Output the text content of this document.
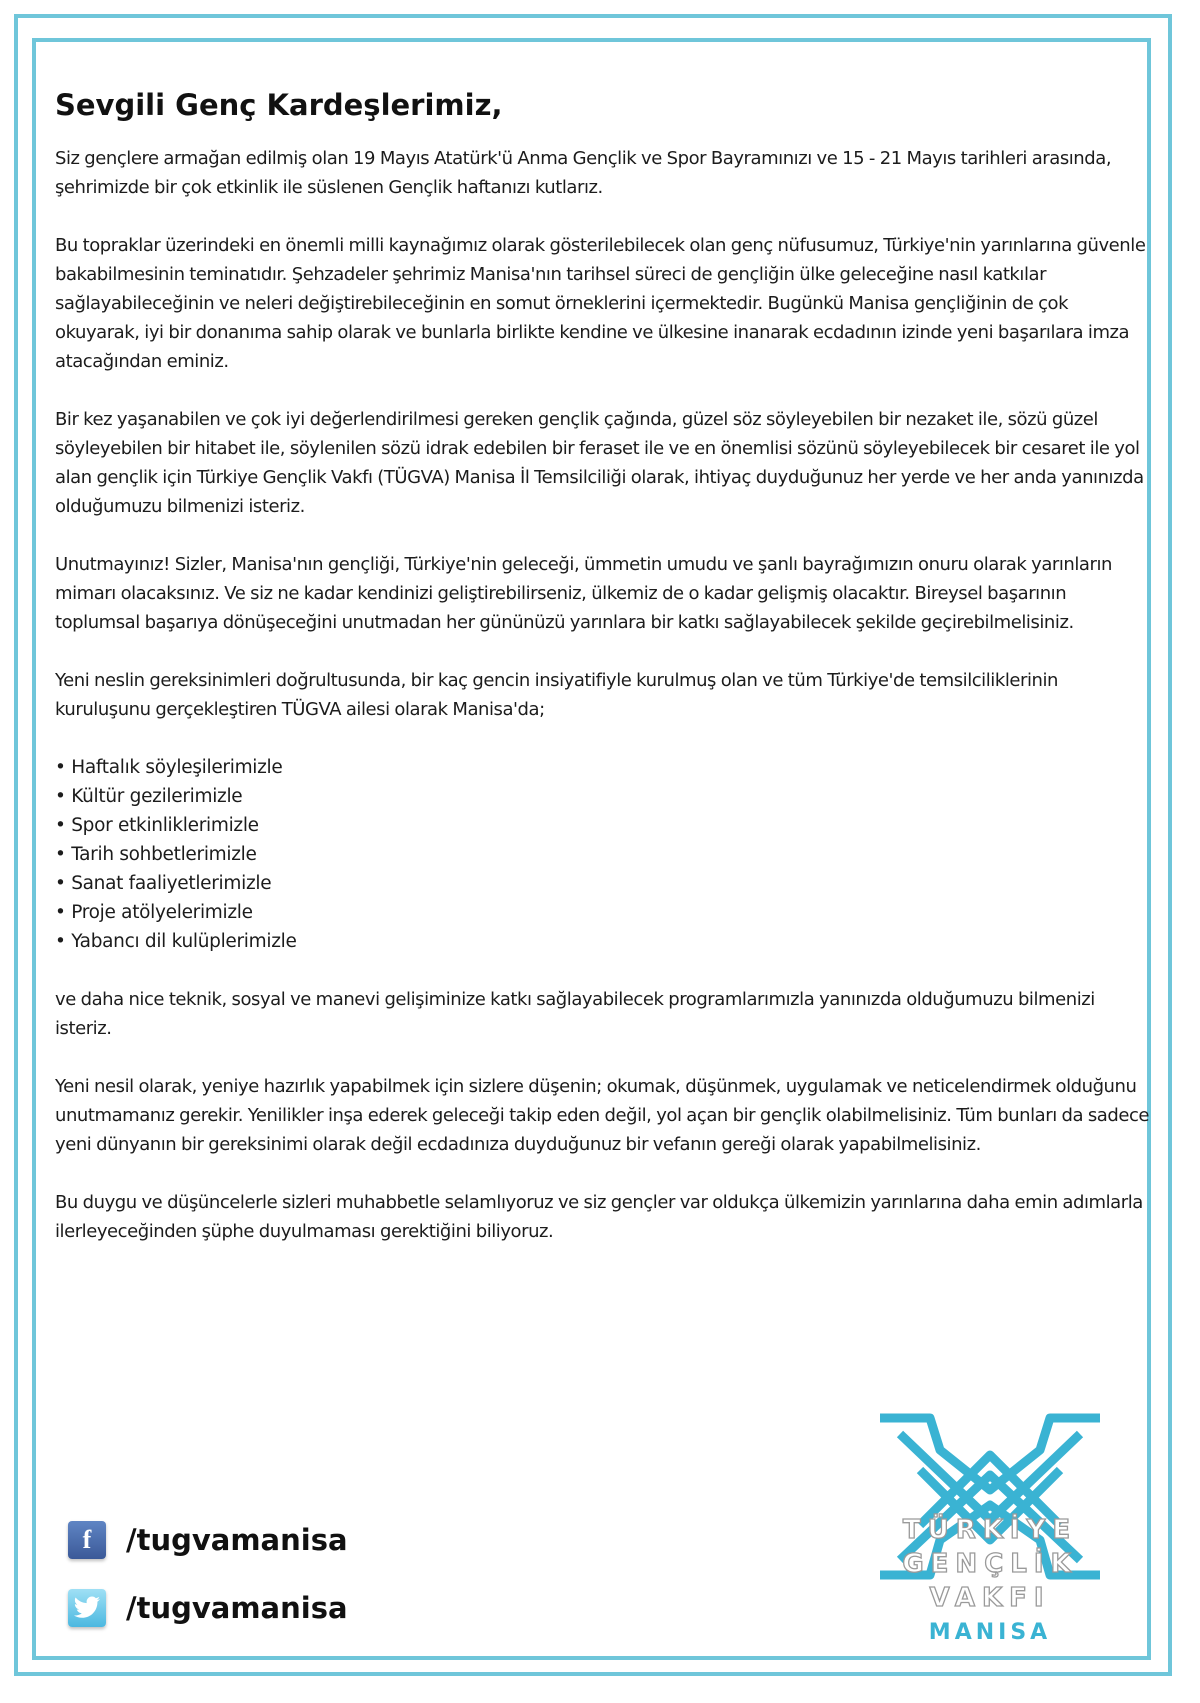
Sevgili Genç Kardeşlerimiz,

Siz gençlere armağan edilmiş olan 19 Mayıs Atatürk'ü Anma Gençlik ve Spor Bayramınızı ve 15 - 21 Mayıs tarihleri arasında, şehrimizde bir çok etkinlik ile süslenen Gençlik haftanızı kutlarız.

Bu topraklar üzerindeki en önemli milli kaynağımız olarak gösterilebilecek olan genç nüfusumuz, Türkiye'nin yarınlarına güvenle bakabilmesinin teminatıdır. Şehzadeler şehrimiz Manisa'nın tarihsel süreci de gençliğin ülke geleceğine nasıl katkılar sağlayabileceğinin ve neleri değiştirebileceğinin en somut örneklerini içermektedir. Bugünkü Manisa gençliğinin de çok okuyarak, iyi bir donanıma sahip olarak ve bunlarla birlikte kendine ve ülkesine inanarak ecdadının izinde yeni başarılara imza atacağından eminiz.

Bir kez yaşanabilen ve çok iyi değerlendirilmesi gereken gençlik çağında, güzel söz söyleyebilen bir nezaket ile, sözü güzel söyleyebilen bir hitabet ile, söylenilen sözü idrak edebilen bir feraset ile ve en önemlisi sözünü söyleyebilecek bir cesaret ile yol alan gençlik için Türkiye Gençlik Vakfı (TÜGVA) Manisa İl Temsilciliği olarak, ihtiyaç duyduğunuz her yerde ve her anda yanınızda olduğumuzu bilmenizi isteriz.

Unutmayınız! Sizler, Manisa'nın gençliği, Türkiye'nin geleceği, ümmetin umudu ve şanlı bayrağımızın onuru olarak yarınların mimarı olacaksınız. Ve siz ne kadar kendinizi geliştirebilirseniz, ülkemiz de o kadar gelişmiş olacaktır. Bireysel başarının toplumsal başarıya dönüşeceğini unutmadan her gününüzü yarınlara bir katkı sağlayabilecek şekilde geçirebilmelisiniz.

Yeni neslin gereksinimleri doğrultusunda, bir kaç gencin insiyatifiyle kurulmuş olan ve tüm Türkiye'de temsilciliklerinin kuruluşunu gerçekleştiren TÜGVA ailesi olarak Manisa'da;

• Haftalık söyleşilerimizle
• Kültür gezilerimizle
• Spor etkinliklerimizle
• Tarih sohbetlerimizle
• Sanat faaliyetlerimizle
• Proje atölyelerimizle
• Yabancı dil kulüplerimizle

ve daha nice teknik, sosyal ve manevi gelişiminize katkı sağlayabilecek programlarımızla yanınızda olduğumuzu bilmenizi isteriz.

Yeni nesil olarak, yeniye hazırlık yapabilmek için sizlere düşenin; okumak, düşünmek, uygulamak ve neticelendirmek olduğunu unutmamanız gerekir. Yenilikler inşa ederek geleceği takip eden değil, yol açan bir gençlik olabilmelisiniz. Tüm bunları da sadece yeni dünyanın bir gereksinimi olarak değil ecdadınıza duyduğunuz bir vefanın gereği olarak yapabilmelisiniz.

Bu duygu ve düşüncelerle sizleri muhabbetle selamlıyoruz ve siz gençler var oldukça ülkemizin yarınlarına daha emin adımlarla ilerleyeceğinden şüphe duyulmaması gerektiğini biliyoruz.

f /tugvamanisa
/tugvamanisa
TÜRKİYE
GENÇLİK
VAKFI
MANISA
